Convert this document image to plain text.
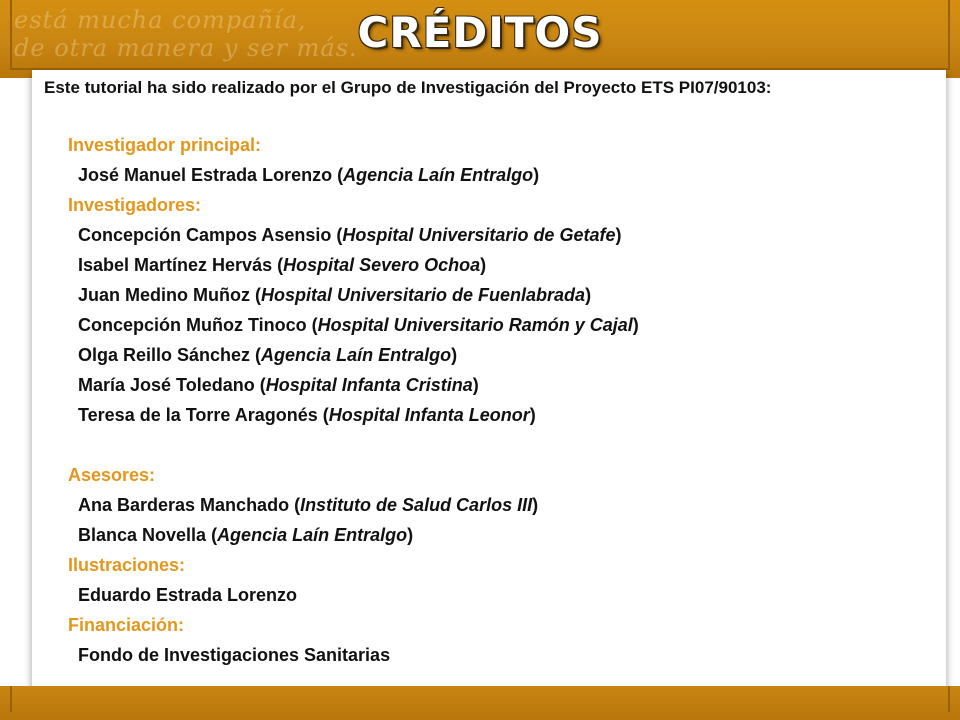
está mucha compañía,
de otra manera y ser más. CRÉDITOS

Este tutorial ha sido realizado por el Grupo de Investigación del Proyecto ETS PI07/90103:

Investigador principal:
José Manuel Estrada Lorenzo (Agencia Laín Entralgo)
Investigadores:
Concepción Campos Asensio (Hospital Universitario de Getafe)
Isabel Martínez Hervás (Hospital Severo Ochoa)
Juan Medino Muñoz (Hospital Universitario de Fuenlabrada)
Concepción Muñoz Tinoco (Hospital Universitario Ramón y Cajal)
Olga Reillo Sánchez (Agencia Laín Entralgo)
María José Toledano (Hospital Infanta Cristina)
Teresa de la Torre Aragonés (Hospital Infanta Leonor)
Asesores:
Ana Barderas Manchado (Instituto de Salud Carlos III)
Blanca Novella (Agencia Laín Entralgo)
Ilustraciones:
Eduardo Estrada Lorenzo
Financiación:
Fondo de Investigaciones Sanitarias
